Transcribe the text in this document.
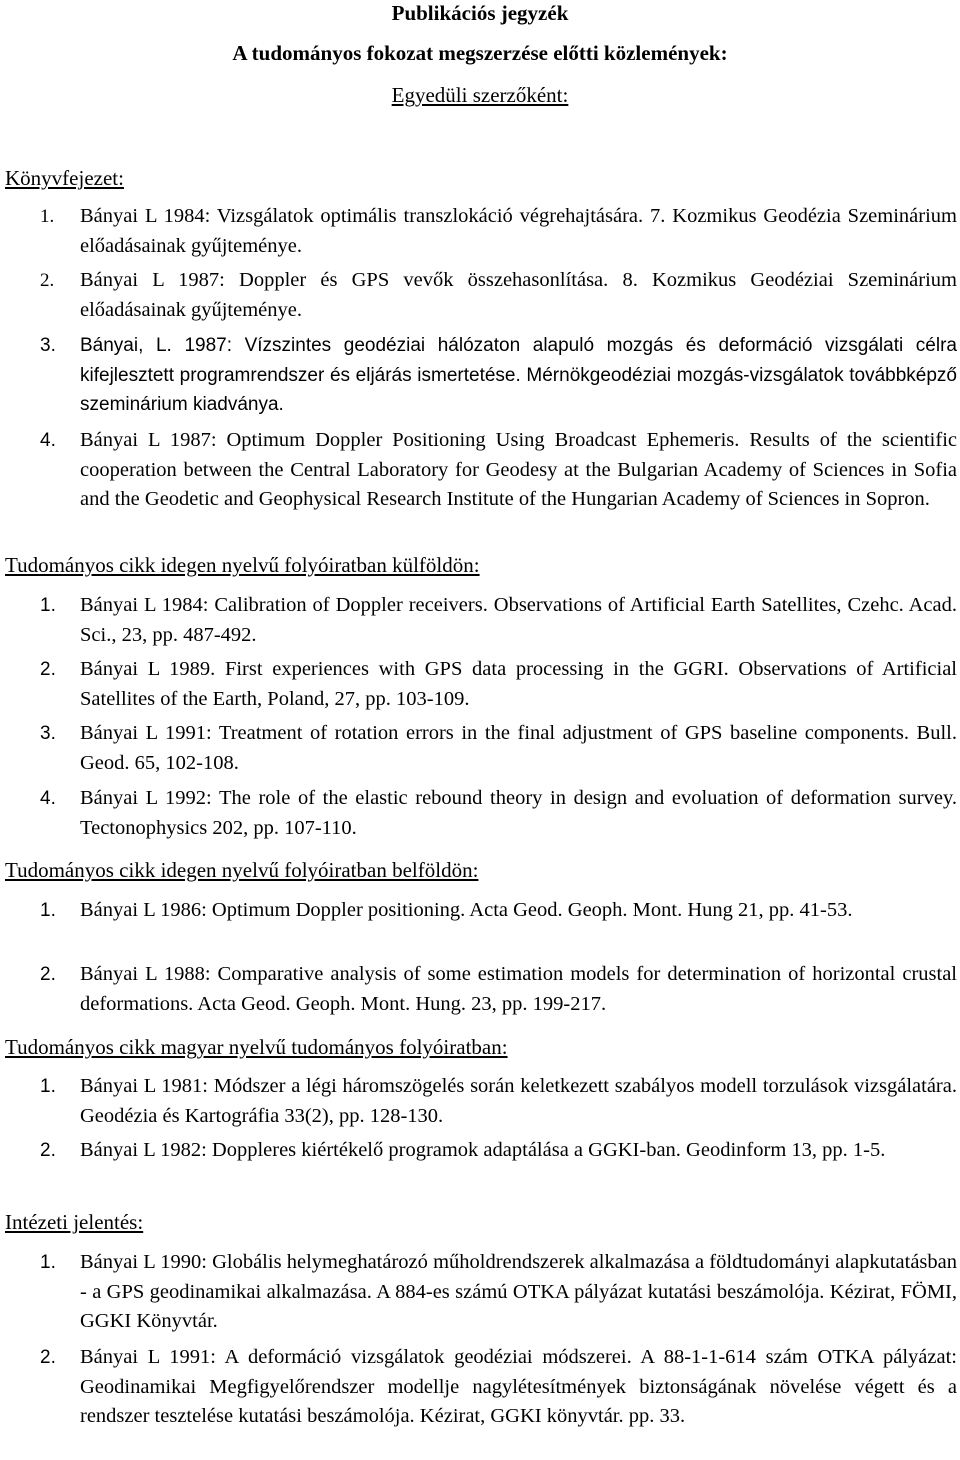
Publikációs jegyzék
A tudományos fokozat megszerzése előtti közlemények:
Egyedüli szerzőként:
Könyvfejezet:
1. Bányai L 1984: Vizsgálatok optimális transzlokáció végrehajtására. 7. Kozmikus Geodézia Szeminárium előadásainak gyűjteménye.
2. Bányai L 1987: Doppler és GPS vevők összehasonlítása. 8. Kozmikus Geodéziai Szeminárium előadásainak gyűjteménye.
3. Bányai, L. 1987: Vízszintes geodéziai hálózaton alapuló mozgás és deformáció vizsgálati célra kifejlesztett programrendszer és eljárás ismertetése. Mérnökgeodéziai mozgás-vizsgálatok továbbképző szeminárium kiadványa.
4. Bányai L 1987: Optimum Doppler Positioning Using Broadcast Ephemeris. Results of the scientific cooperation between the Central Laboratory for Geodesy at the Bulgarian Academy of Sciences in Sofia and the Geodetic and Geophysical Research Institute of the Hungarian Academy of Sciences in Sopron.
Tudományos cikk idegen nyelvű folyóiratban külföldön:
1. Bányai L 1984: Calibration of Doppler receivers. Observations of Artificial Earth Satellites, Czehc. Acad. Sci., 23, pp. 487-492.
2. Bányai L 1989. First experiences with GPS data processing in the GGRI. Observations of Artificial Satellites of the Earth, Poland, 27, pp. 103-109.
3. Bányai L 1991: Treatment of rotation errors in the final adjustment of GPS baseline components. Bull. Geod. 65, 102-108.
4. Bányai L 1992: The role of the elastic rebound theory in design and evoluation of deformation survey. Tectonophysics 202, pp. 107-110.
Tudományos cikk idegen nyelvű folyóiratban belföldön:
1. Bányai L 1986: Optimum Doppler positioning. Acta Geod. Geoph. Mont. Hung 21, pp. 41-53.
2. Bányai L 1988: Comparative analysis of some estimation models for determination of horizontal crustal deformations. Acta Geod. Geoph. Mont. Hung. 23, pp. 199-217.
Tudományos cikk magyar nyelvű tudományos folyóiratban:
1. Bányai L 1981: Módszer a légi háromszögelés során keletkezett szabályos modell torzulások vizsgálatára. Geodézia és Kartográfia 33(2), pp. 128-130.
2. Bányai L 1982: Doppleres kiértékelő programok adaptálása a GGKI-ban. Geodinform 13, pp. 1-5.
Intézeti jelentés:
1. Bányai L 1990: Globális helymeghatározó műholdrendszerek alkalmazása a földtudományi alapkutatásban - a GPS geodinamikai alkalmazása. A 884-es számú OTKA pályázat kutatási beszámolója. Kézirat, FÖMI, GGKI Könyvtár.
2. Bányai L 1991: A deformáció vizsgálatok geodéziai módszerei. A 88-1-1-614 szám OTKA pályázat: Geodinamikai Megfigyelőrendszer modellje nagylétesítmények biztonságának növelése végett és a rendszer tesztelése kutatási beszámolója. Kézirat, GGKI könyvtár. pp. 33.
